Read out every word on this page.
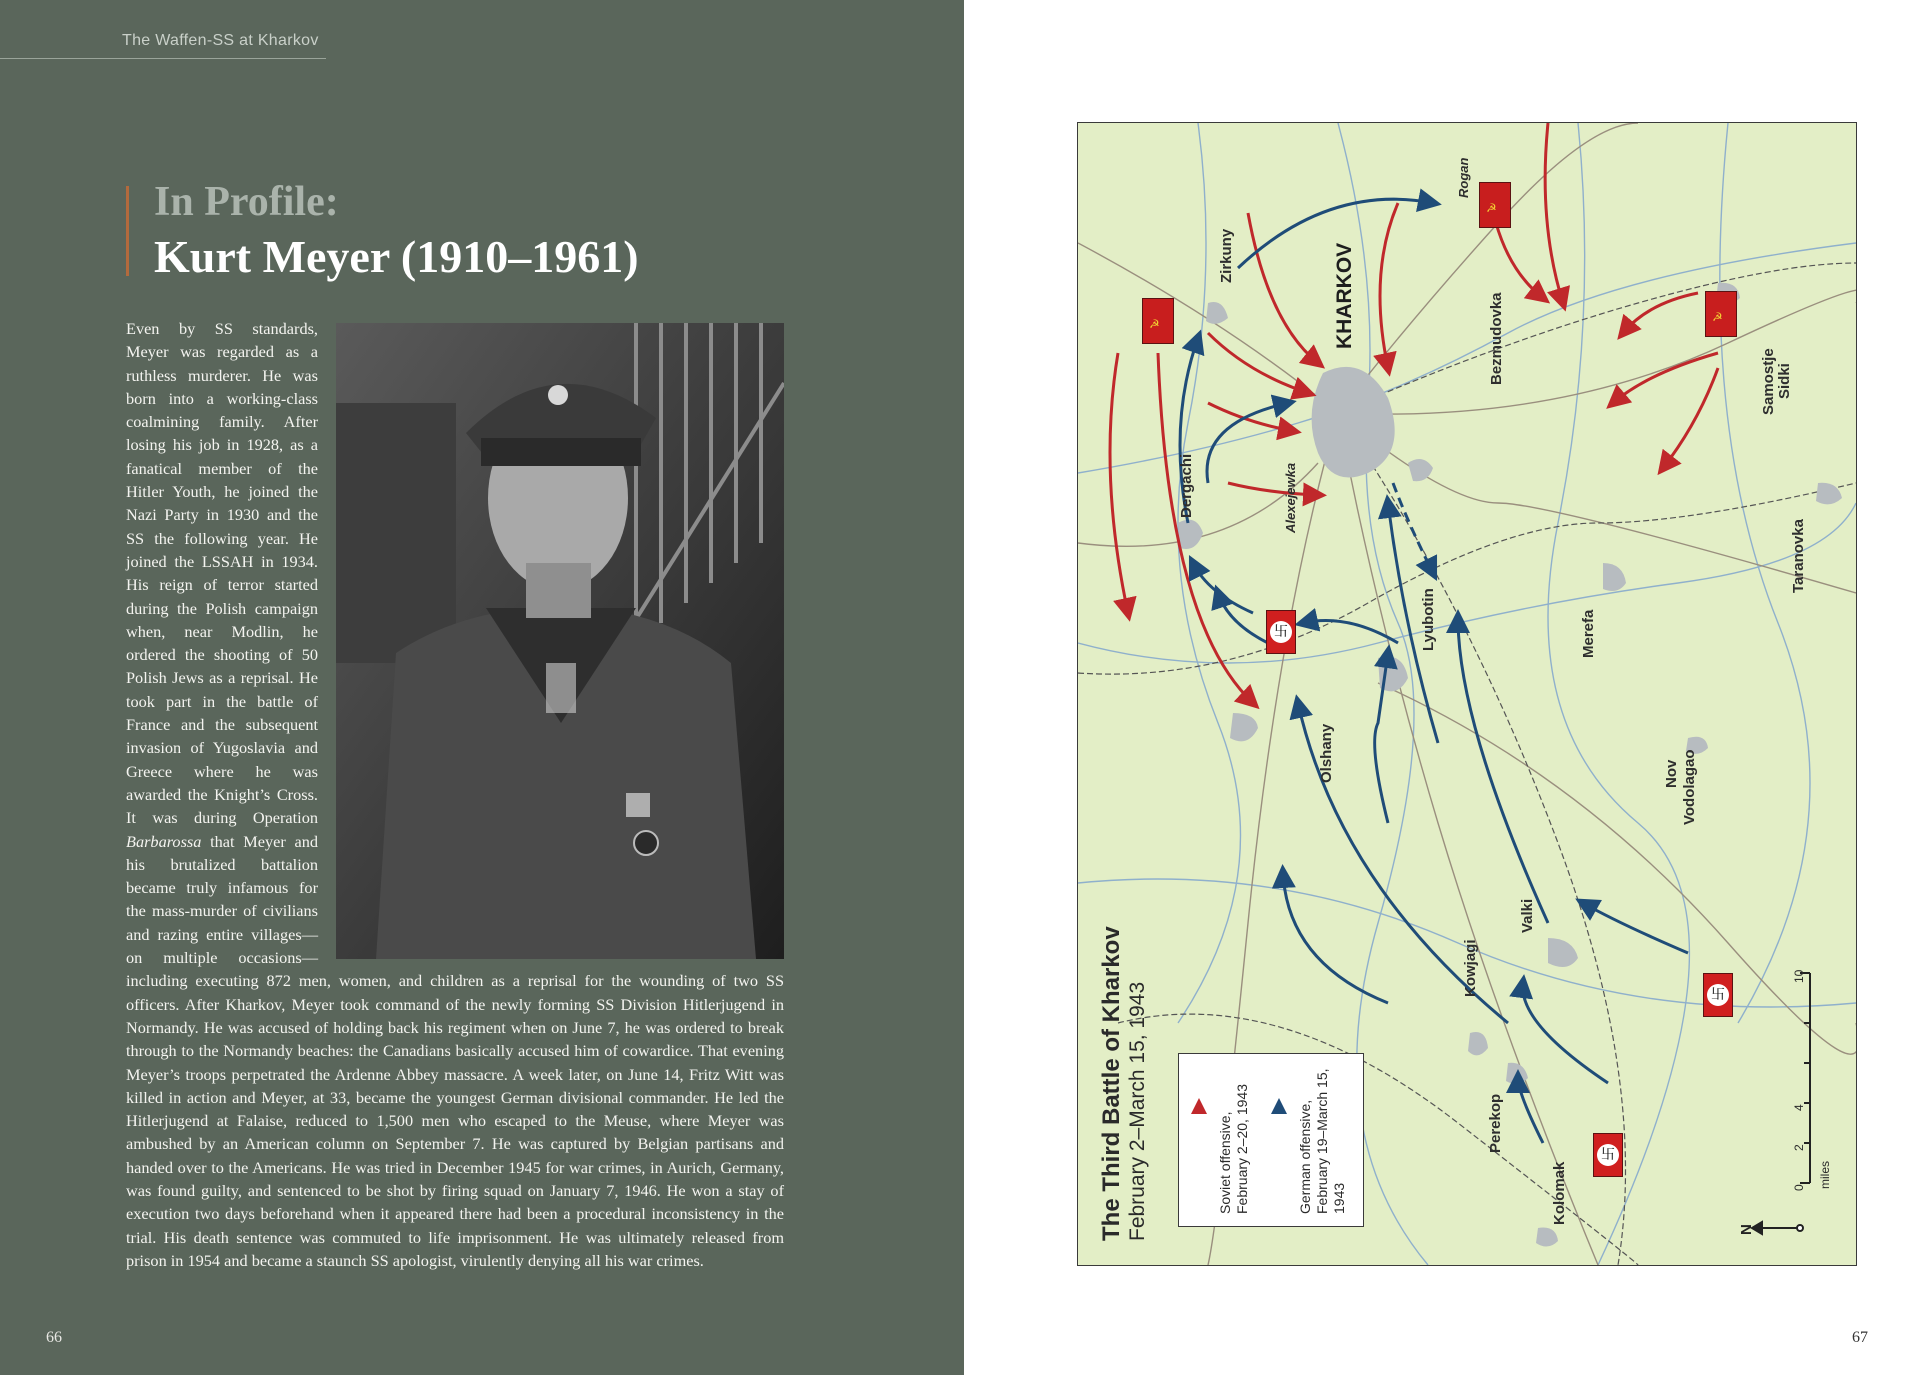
The Waffen-SS at Kharkov
In Profile:
Kurt Meyer (1910–1961)
Even by SS standards, Meyer was regarded as a ruthless murderer. He was born into a working-class coalmining family. After losing his job in 1928, as a fanatical member of the Hitler Youth, he joined the Nazi Party in 1930 and the SS the following year. He joined the LSSAH in 1934. His reign of terror started during the Polish campaign when, near Modlin, he ordered the shooting of 50 Polish Jews as a reprisal. He took part in the battle of France and the subsequent invasion of Yugoslavia and Greece where he was awarded the Knight’s Cross. It was during Operation Barbarossa that Meyer and his brutalized battalion became truly infamous for the mass-murder of civilians and razing entire villages—on multiple occasions—including executing 872 men, women, and children as a reprisal for the wounding of two SS officers. After Kharkov, Meyer took command of the newly forming SS Division Hitlerjugend in Normandy. He was accused of holding back his regiment when on June 7, he was ordered to break through to the Normandy beaches: the Canadians basically accused him of cowardice. That evening Meyer’s troops perpetrated the Ardenne Abbey massacre. A week later, on June 14, Fritz Witt was killed in action and Meyer, at 33, became the youngest German divisional commander. He led the Hitlerjugend at Falaise, reduced to 1,500 men who escaped to the Meuse, where Meyer was ambushed by an American column on September 7. He was captured by Belgian partisans and handed over to the Americans. He was tried in December 1945 for war crimes, in Aurich, Germany, was found guilty, and sentenced to be shot by firing squad on January 7, 1946. He won a stay of execution two days beforehand when it appeared there had been a procedural inconsistency in the trial. His death sentence was commuted to life imprisonment. He was ultimately released from prison in 1954 and became a staunch SS apologist, virulently denying all his war crimes.
66	67
☭
☭
☭
卐
卐
卐
Zirkuny
Rogan
KHARKOV	Bezmudovka	Samostje Sidki
Dergachi	Alexejewka
Lyubotin	Merefa
Taranovka
Olshany	Nov Vodolagao
Valki
Kowjagi
Perekop
Kolomak
The Third Battle of Kharkov February 2–March 15, 1943	Soviet offensive, February 2–20, 1943	German offensive, February 19–March 15, 1943	0
2
4
10
miles
N
